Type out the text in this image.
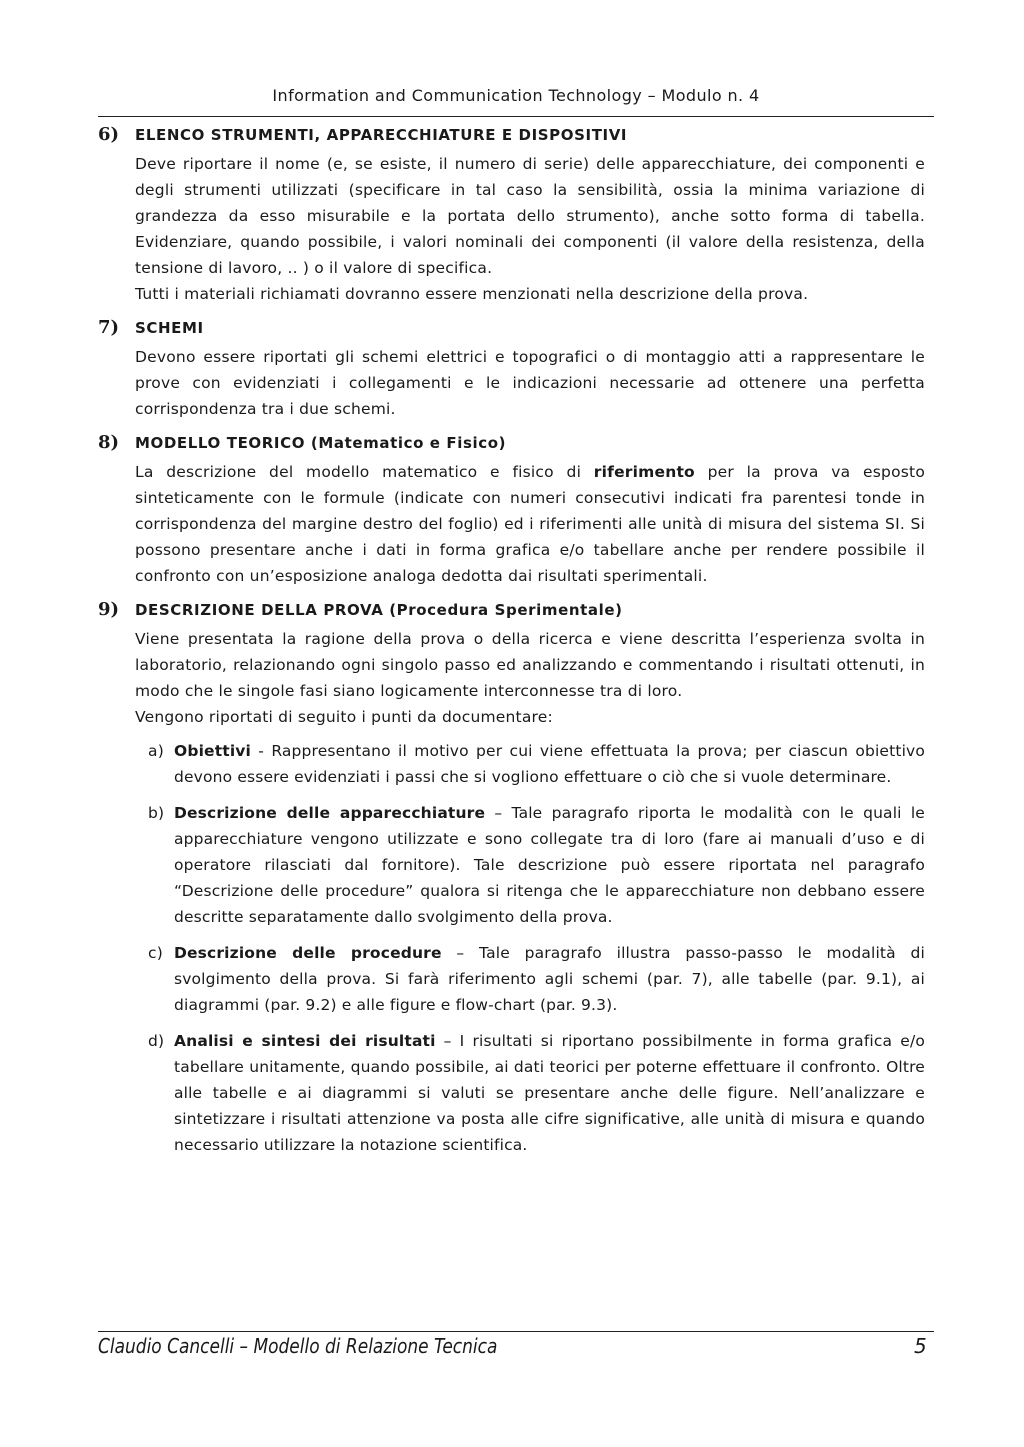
Information and Communication Technology – Modulo n. 4
6)	ELENCO STRUMENTI, APPARECCHIATURE E DISPOSITIVI

Deve riportare il nome (e, se esiste, il numero di serie) delle apparecchiature, dei componenti e degli strumenti utilizzati (specificare in tal caso la sensibilità, ossia la minima variazione di grandezza da esso misurabile e la portata dello strumento), anche sotto forma di tabella. Evidenziare, quando possibile, i valori nominali dei componenti (il valore della resistenza, della tensione di lavoro, .. ) o il valore di specifica.

Tutti i materiali richiamati dovranno essere menzionati nella descrizione della prova.

7)	SCHEMI

Devono essere riportati gli schemi elettrici e topografici o di montaggio atti a rappresentare le prove con evidenziati i collegamenti e le indicazioni necessarie ad ottenere una perfetta corrispondenza tra i due schemi.

8)	MODELLO TEORICO (Matematico e Fisico)

La descrizione del modello matematico e fisico di riferimento per la prova va esposto sinteticamente con le formule (indicate con numeri consecutivi indicati fra parentesi tonde in corrispondenza del margine destro del foglio) ed i riferimenti alle unità di misura del sistema SI. Si possono presentare anche i dati in forma grafica e/o tabellare anche per rendere possibile il confronto con un’esposizione analoga dedotta dai risultati sperimentali.

9)	DESCRIZIONE DELLA PROVA (Procedura Sperimentale)

Viene presentata la ragione della prova o della ricerca e viene descritta l’esperienza svolta in laboratorio, relazionando ogni singolo passo ed analizzando e commentando i risultati ottenuti, in modo che le singole fasi siano logicamente interconnesse tra di loro.

Vengono riportati di seguito i punti da documentare:

a) Obiettivi - Rappresentano il motivo per cui viene effettuata la prova; per ciascun obiettivo devono essere evidenziati i passi che si vogliono effettuare o ciò che si vuole determinare.
b) Descrizione delle apparecchiature – Tale paragrafo riporta le modalità con le quali le apparecchiature vengono utilizzate e sono collegate tra di loro (fare ai manuali d’uso e di operatore rilasciati dal fornitore). Tale descrizione può essere riportata nel paragrafo “Descrizione delle procedure” qualora si ritenga che le apparecchiature non debbano essere descritte separatamente dallo svolgimento della prova.
c) Descrizione delle procedure – Tale paragrafo illustra passo-passo le modalità di svolgimento della prova. Si farà riferimento agli schemi (par. 7), alle tabelle (par. 9.1), ai diagrammi (par. 9.2) e alle figure e flow-chart (par. 9.3).
d) Analisi e sintesi dei risultati – I risultati si riportano possibilmente in forma grafica e/o tabellare unitamente, quando possibile, ai dati teorici per poterne effettuare il confronto. Oltre alle tabelle e ai diagrammi si valuti se presentare anche delle figure. Nell’analizzare e sintetizzare i risultati attenzione va posta alle cifre significative, alle unità di misura e quando necessario utilizzare la notazione scientifica.
Claudio Cancelli – Modello di Relazione Tecnica	5
